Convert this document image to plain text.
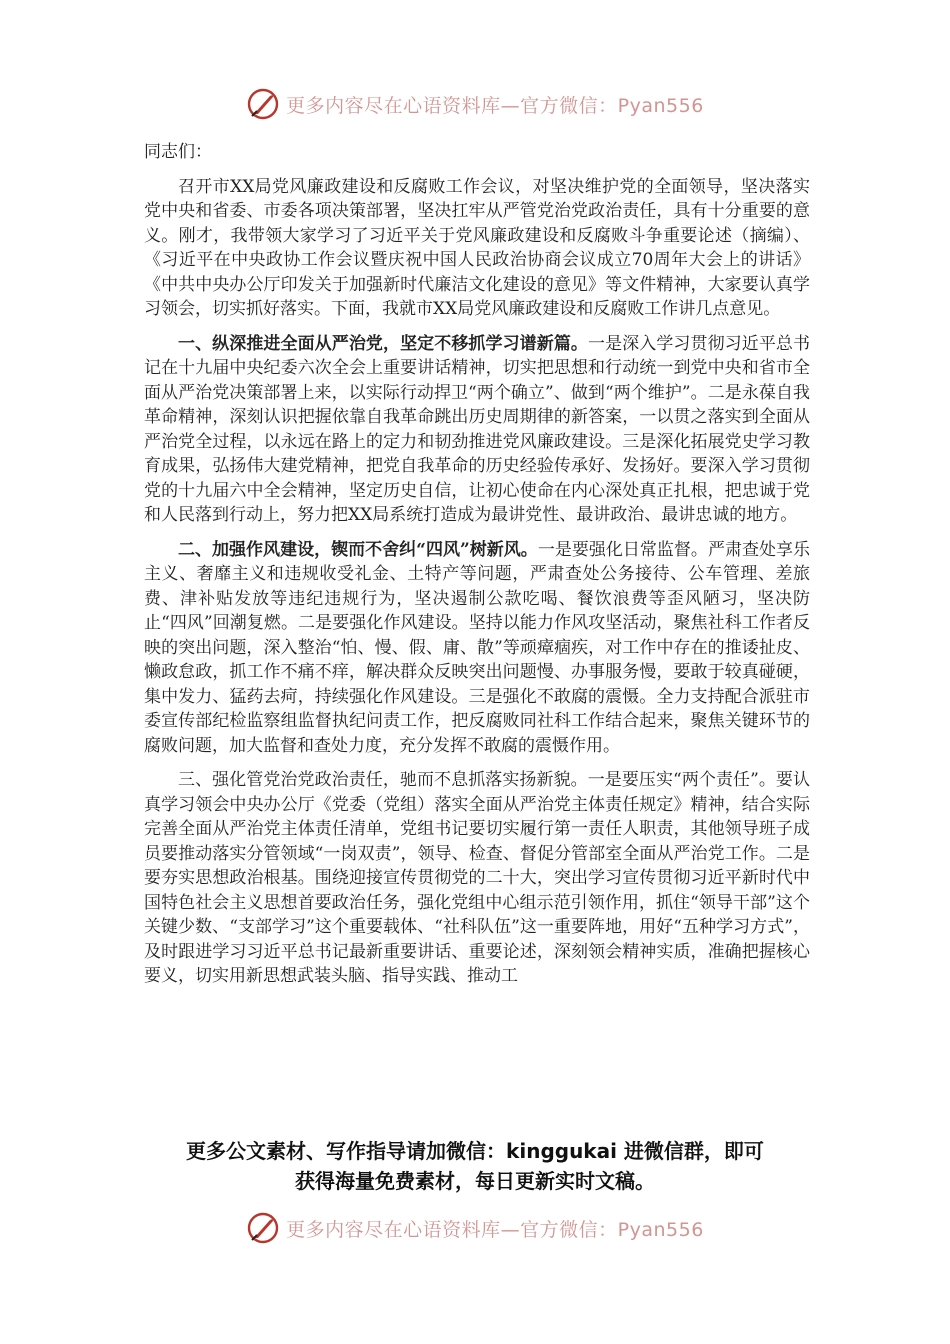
更多内容尽在心语资料库—官方微信：Pyan556

同志们：

召开市XX局党风廉政建设和反腐败工作会议，对坚决维护党的全面领导，坚决落实党中央和省委、市委各项决策部署，坚决扛牢从严管党治党政治责任，具有十分重要的意义。刚才，我带领大家学习了习近平关于党风廉政建设和反腐败斗争重要论述（摘编）、《习近平在中央政协工作会议暨庆祝中国人民政治协商会议成立70周年大会上的讲话》《中共中央办公厅印发关于加强新时代廉洁文化建设的意见》等文件精神，大家要认真学习领会，切实抓好落实。下面，我就市XX局党风廉政建设和反腐败工作讲几点意见。

一、纵深推进全面从严治党，坚定不移抓学习谱新篇。一是深入学习贯彻习近平总书记在十九届中央纪委六次全会上重要讲话精神，切实把思想和行动统一到党中央和省市全面从严治党决策部署上来，以实际行动捍卫“两个确立”、做到“两个维护”。二是永葆自我革命精神，深刻认识把握依靠自我革命跳出历史周期律的新答案，一以贯之落实到全面从严治党全过程，以永远在路上的定力和韧劲推进党风廉政建设。三是深化拓展党史学习教育成果，弘扬伟大建党精神，把党自我革命的历史经验传承好、发扬好。要深入学习贯彻党的十九届六中全会精神，坚定历史自信，让初心使命在内心深处真正扎根，把忠诚于党和人民落到行动上，努力把XX局系统打造成为最讲党性、最讲政治、最讲忠诚的地方。

二、加强作风建设，锲而不舍纠“四风”树新风。一是要强化日常监督。严肃查处享乐主义、奢靡主义和违规收受礼金、土特产等问题，严肃查处公务接待、公车管理、差旅费、津补贴发放等违纪违规行为，坚决遏制公款吃喝、餐饮浪费等歪风陋习，坚决防止“四风”回潮复燃。二是要强化作风建设。坚持以能力作风攻坚活动，聚焦社科工作者反映的突出问题，深入整治“怕、慢、假、庸、散”等顽瘴痼疾，对工作中存在的推诿扯皮、懒政怠政，抓工作不痛不痒，解决群众反映突出问题慢、办事服务慢，要敢于较真碰硬，集中发力、猛药去疴，持续强化作风建设。三是强化不敢腐的震慑。全力支持配合派驻市委宣传部纪检监察组监督执纪问责工作，把反腐败同社科工作结合起来，聚焦关键环节的腐败问题，加大监督和查处力度，充分发挥不敢腐的震慑作用。

三、强化管党治党政治责任，驰而不息抓落实扬新貌。一是要压实“两个责任”。要认真学习领会中央办公厅《党委（党组）落实全面从严治党主体责任规定》精神，结合实际完善全面从严治党主体责任清单，党组书记要切实履行第一责任人职责，其他领导班子成员要推动落实分管领域“一岗双责”，领导、检查、督促分管部室全面从严治党工作。二是要夯实思想政治根基。围绕迎接宣传贯彻党的二十大，突出学习宣传贯彻习近平新时代中国特色社会主义思想首要政治任务，强化党组中心组示范引领作用，抓住“领导干部”这个关键少数、“支部学习”这个重要载体、“社科队伍”这一重要阵地，用好“五种学习方式”，及时跟进学习习近平总书记最新重要讲话、重要论述，深刻领会精神实质，准确把握核心要义，切实用新思想武装头脑、指导实践、推动工

更多公文素材、写作指导请加微信：kinggukai 进微信群，即可
获得海量免费素材，每日更新实时文稿。
更多内容尽在心语资料库—官方微信：Pyan556
